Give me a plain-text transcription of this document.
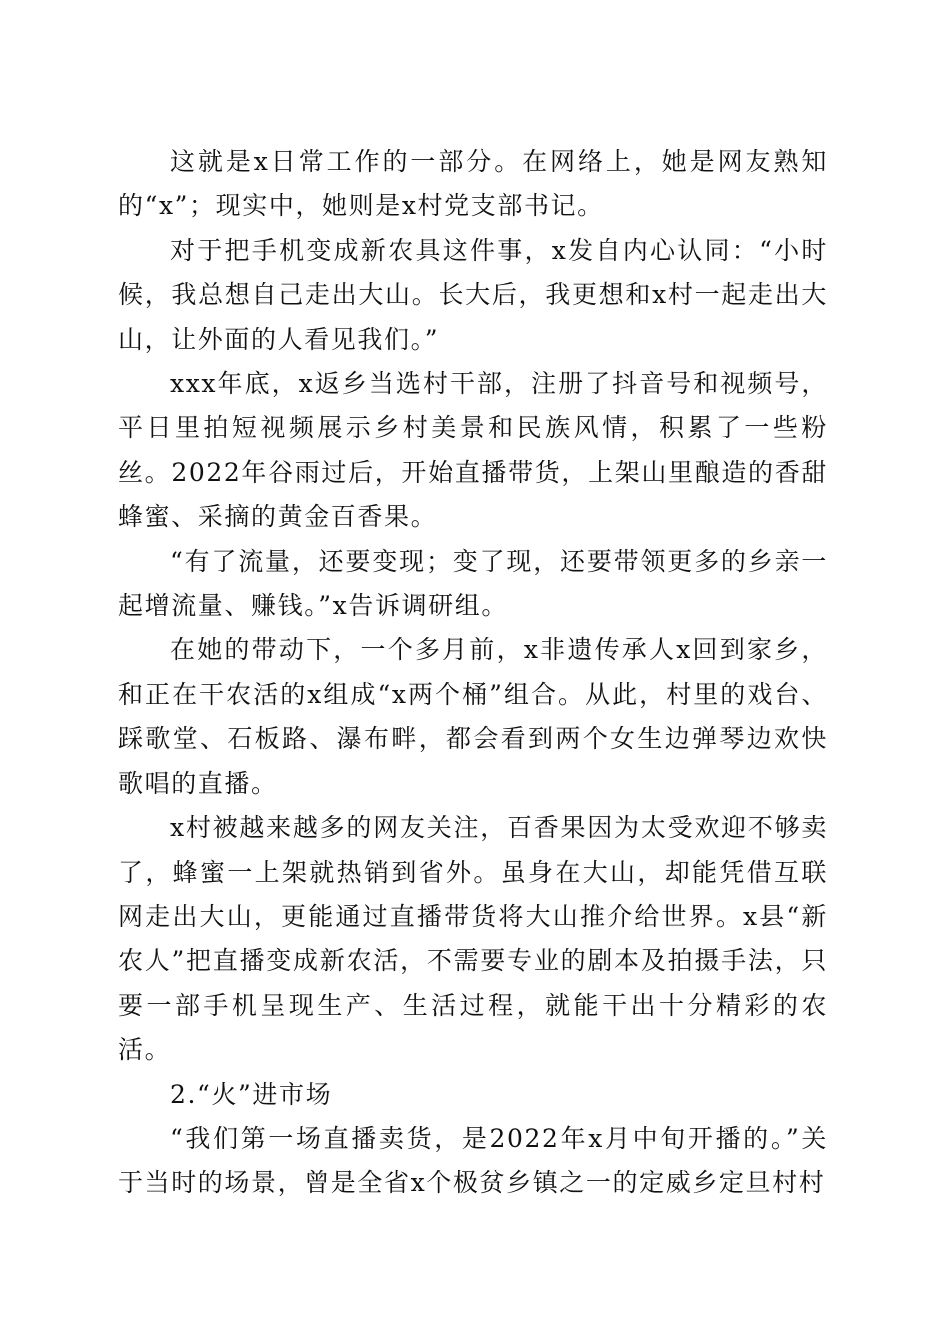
这就是x日常工作的一部分。在网络上，她是网友熟知的“x”；现实中，她则是x村党支部书记。

对于把手机变成新农具这件事，x发自内心认同：“小时候，我总想自己走出大山。长大后，我更想和x村一起走出大山，让外面的人看见我们。”

xxx年底，x返乡当选村干部，注册了抖音号和视频号，平日里拍短视频展示乡村美景和民族风情，积累了一些粉丝。2022年谷雨过后，开始直播带货，上架山里酿造的香甜蜂蜜、采摘的黄金百香果。

“有了流量，还要变现；变了现，还要带领更多的乡亲一起增流量、赚钱。”x告诉调研组。

在她的带动下，一个多月前，x非遗传承人x回到家乡，和正在干农活的x组成“x两个桶”组合。从此，村里的戏台、踩歌堂、石板路、瀑布畔，都会看到两个女生边弹琴边欢快歌唱的直播。

x村被越来越多的网友关注，百香果因为太受欢迎不够卖了，蜂蜜一上架就热销到省外。虽身在大山，却能凭借互联网走出大山，更能通过直播带货将大山推介给世界。x县“新农人”把直播变成新农活，不需要专业的剧本及拍摄手法，只要一部手机呈现生产、生活过程，就能干出十分精彩的农活。

2.“火”进市场

“我们第一场直播卖货，是2022年x月中旬开播的。”关于当时的场景，曾是全省x个极贫乡镇之一的定威乡定旦村村
